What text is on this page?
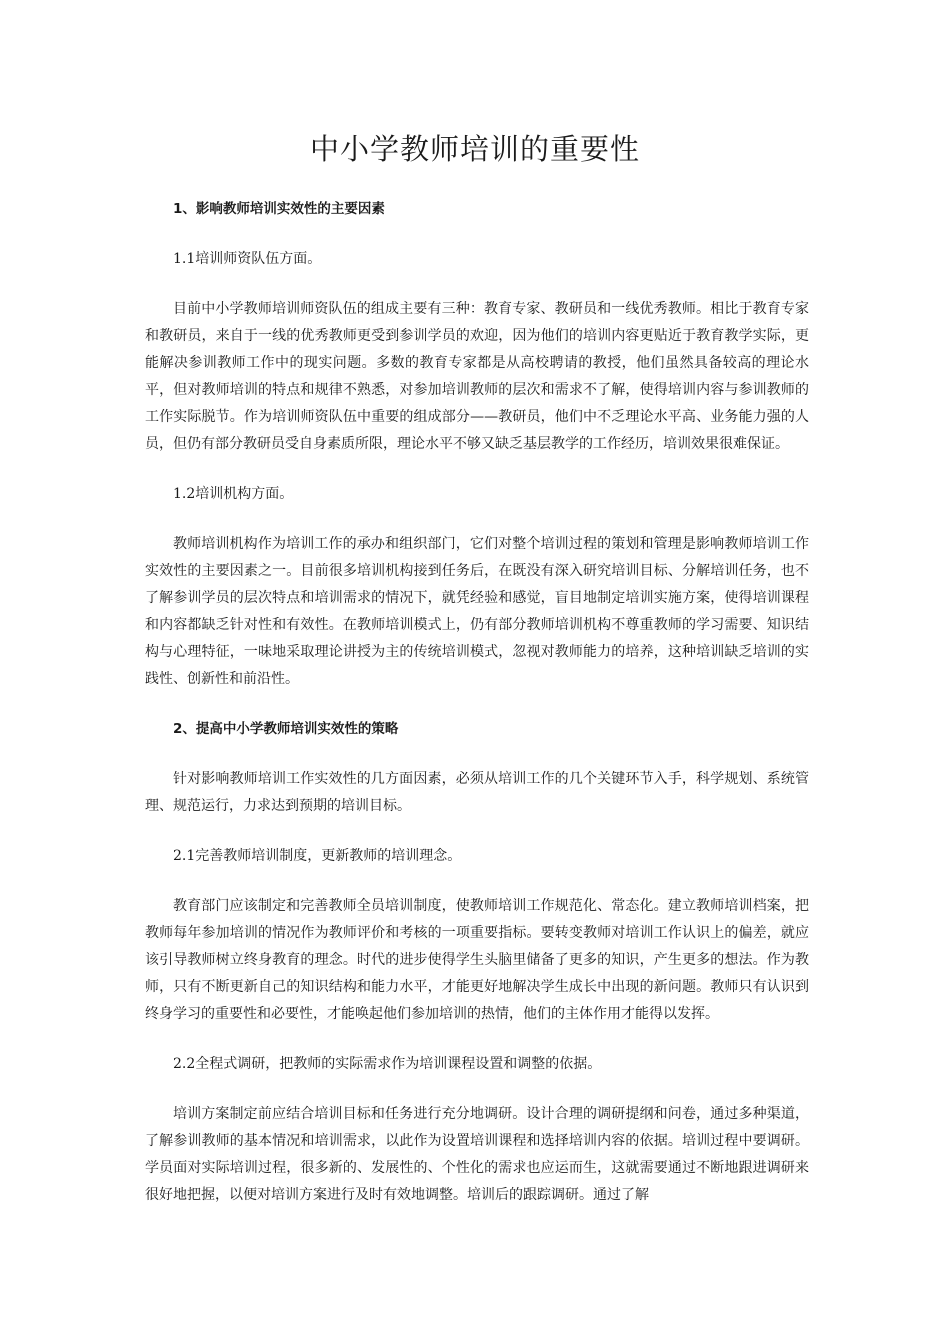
中小学教师培训的重要性

1、影响教师培训实效性的主要因素

1.1培训师资队伍方面。

目前中小学教师培训师资队伍的组成主要有三种：教育专家、教研员和一线优秀教师。相比于教育专家和教研员，来自于一线的优秀教师更受到参训学员的欢迎，因为他们的培训内容更贴近于教育教学实际，更能解决参训教师工作中的现实问题。多数的教育专家都是从高校聘请的教授，他们虽然具备较高的理论水平，但对教师培训的特点和规律不熟悉，对参加培训教师的层次和需求不了解，使得培训内容与参训教师的工作实际脱节。作为培训师资队伍中重要的组成部分——教研员，他们中不乏理论水平高、业务能力强的人员，但仍有部分教研员受自身素质所限，理论水平不够又缺乏基层教学的工作经历，培训效果很难保证。

1.2培训机构方面。

教师培训机构作为培训工作的承办和组织部门，它们对整个培训过程的策划和管理是影响教师培训工作实效性的主要因素之一。目前很多培训机构接到任务后，在既没有深入研究培训目标、分解培训任务，也不了解参训学员的层次特点和培训需求的情况下，就凭经验和感觉，盲目地制定培训实施方案，使得培训课程和内容都缺乏针对性和有效性。在教师培训模式上，仍有部分教师培训机构不尊重教师的学习需要、知识结构与心理特征，一味地采取理论讲授为主的传统培训模式，忽视对教师能力的培养，这种培训缺乏培训的实践性、创新性和前沿性。

2、提高中小学教师培训实效性的策略

针对影响教师培训工作实效性的几方面因素，必须从培训工作的几个关键环节入手，科学规划、系统管理、规范运行，力求达到预期的培训目标。

2.1完善教师培训制度，更新教师的培训理念。

教育部门应该制定和完善教师全员培训制度，使教师培训工作规范化、常态化。建立教师培训档案，把教师每年参加培训的情况作为教师评价和考核的一项重要指标。要转变教师对培训工作认识上的偏差，就应该引导教师树立终身教育的理念。时代的进步使得学生头脑里储备了更多的知识，产生更多的想法。作为教师，只有不断更新自己的知识结构和能力水平，才能更好地解决学生成长中出现的新问题。教师只有认识到终身学习的重要性和必要性，才能唤起他们参加培训的热情，他们的主体作用才能得以发挥。

2.2全程式调研，把教师的实际需求作为培训课程设置和调整的依据。

培训方案制定前应结合培训目标和任务进行充分地调研。设计合理的调研提纲和问卷，通过多种渠道，了解参训教师的基本情况和培训需求，以此作为设置培训课程和选择培训内容的依据。培训过程中要调研。学员面对实际培训过程，很多新的、发展性的、个性化的需求也应运而生，这就需要通过不断地跟进调研来很好地把握，以便对培训方案进行及时有效地调整。培训后的跟踪调研。通过了解
